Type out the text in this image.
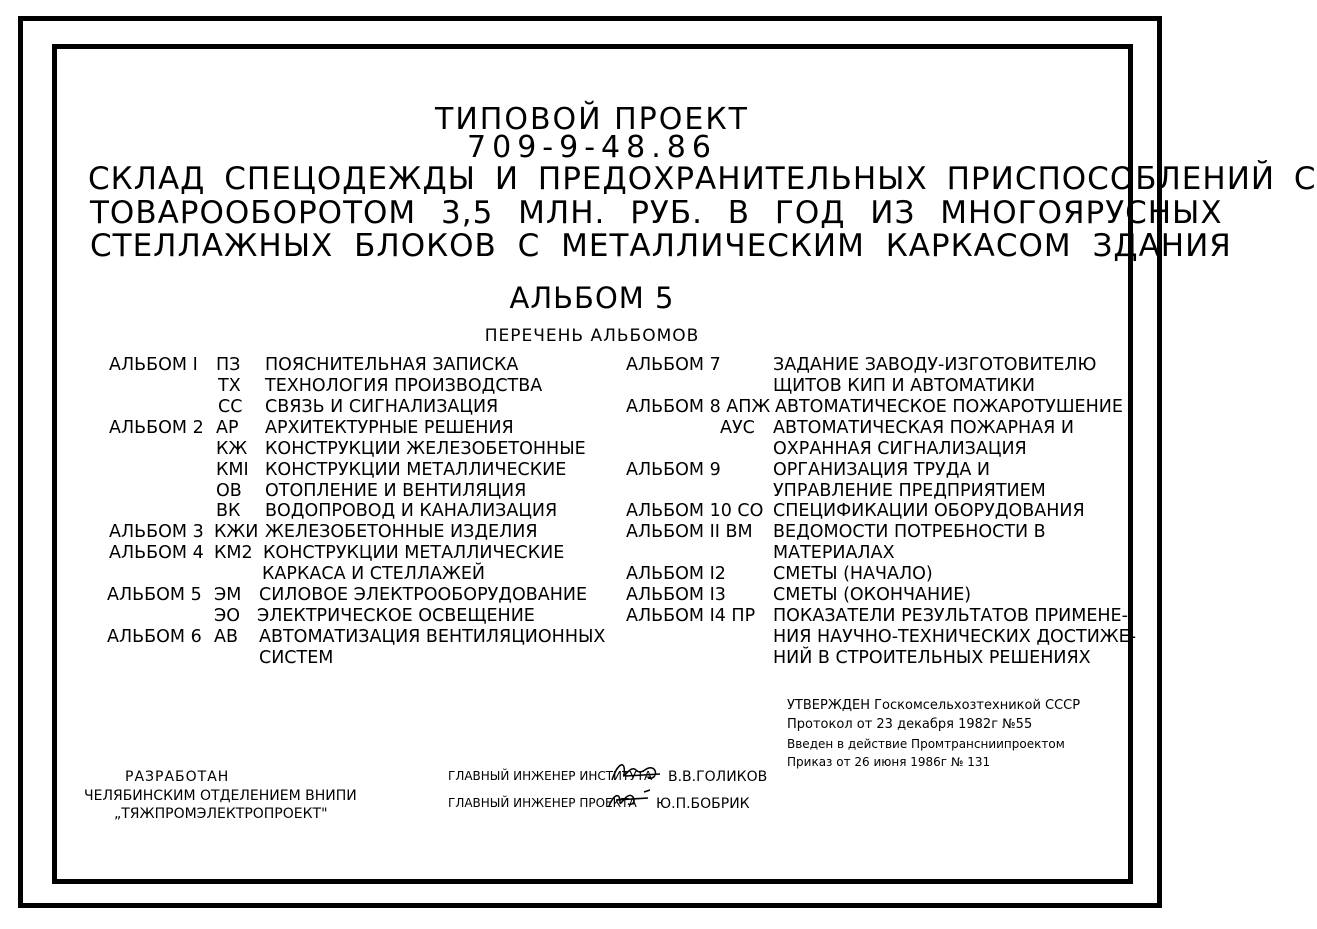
ТИПОВОЙ ПРОЕКТ
709-9-48.86
СКЛАД СПЕЦОДЕЖДЫ И ПРЕДОХРАНИТЕЛЬНЫХ ПРИСПОСОБЛЕНИЙ С
ТОВАРООБОРОТОМ 3,5 МЛН. РУБ. В ГОД ИЗ МНОГОЯРУСНЫХ
СТЕЛЛАЖНЫХ БЛОКОВ С МЕТАЛЛИЧЕСКИМ КАРКАСОМ ЗДАНИЯ
АЛЬБОМ 5
ПЕРЕЧЕНЬ АЛЬБОМОВ
АЛЬБОМ I ПЗ ПОЯСНИТЕЛЬНАЯ ЗАПИСКА
ТХ ТЕХНОЛОГИЯ ПРОИЗВОДСТВА
СС СВЯЗЬ И СИГНАЛИЗАЦИЯ
АЛЬБОМ 2 АР АРХИТЕКТУРНЫЕ РЕШЕНИЯ
КЖ КОНСТРУКЦИИ ЖЕЛЕЗОБЕТОННЫЕ
КМI КОНСТРУКЦИИ МЕТАЛЛИЧЕСКИЕ
ОВ ОТОПЛЕНИЕ И ВЕНТИЛЯЦИЯ
ВК ВОДОПРОВОД И КАНАЛИЗАЦИЯ
АЛЬБОМ 3 КЖИ ЖЕЛЕЗОБЕТОННЫЕ ИЗДЕЛИЯ
АЛЬБОМ 4 КМ2 КОНСТРУКЦИИ МЕТАЛЛИЧЕСКИЕ
КАРКАСА И СТЕЛЛАЖЕЙ
АЛЬБОМ 5 ЭМ СИЛОВОЕ ЭЛЕКТРООБОРУДОВАНИЕ
ЭО ЭЛЕКТРИЧЕСКОЕ ОСВЕЩЕНИЕ
АЛЬБОМ 6 АВ АВТОМАТИЗАЦИЯ ВЕНТИЛЯЦИОННЫХ
СИСТЕМ
АЛЬБОМ 7	ЗАДАНИЕ ЗАВОДУ-ИЗГОТОВИТЕЛЮ
ЩИТОВ КИП И АВТОМАТИКИ
АЛЬБОМ 8 АПЖ АВТОМАТИЧЕСКОЕ ПОЖАРОТУШЕНИЕ
АУС АВТОМАТИЧЕСКАЯ ПОЖАРНАЯ И
ОХРАННАЯ СИГНАЛИЗАЦИЯ
АЛЬБОМ 9	ОРГАНИЗАЦИЯ ТРУДА И
УПРАВЛЕНИЕ ПРЕДПРИЯТИЕМ
АЛЬБОМ 10 СО СПЕЦИФИКАЦИИ ОБОРУДОВАНИЯ
АЛЬБОМ II ВМ ВЕДОМОСТИ ПОТРЕБНОСТИ В
МАТЕРИАЛАХ
АЛЬБОМ I2	СМЕТЫ (НАЧАЛО)
АЛЬБОМ I3	СМЕТЫ (ОКОНЧАНИЕ)
АЛЬБОМ I4 ПР ПОКАЗАТЕЛИ РЕЗУЛЬТАТОВ ПРИМЕНЕ-
НИЯ НАУЧНО-ТЕХНИЧЕСКИХ ДОСТИЖЕ-
НИЙ В СТРОИТЕЛЬНЫХ РЕШЕНИЯХ
УТВЕРЖДЕН Госкомсельхозтехникой СССР
Протокол от 23 декабря 1982г №55
Введен в действие Промтрансниипроектом
Приказ от 26 июня 1986г № 131
РАЗРАБОТАН
ЧЕЛЯБИНСКИМ ОТДЕЛЕНИЕМ ВНИПИ
„ТЯЖПРОМЭЛЕКТРОПРОЕКТ"
ГЛАВНЫЙ ИНЖЕНЕР ИНСТИТУТА В.В.ГОЛИКОВ
ГЛАВНЫЙ ИНЖЕНЕР ПРОЕКТА Ю.П.БОБРИК
